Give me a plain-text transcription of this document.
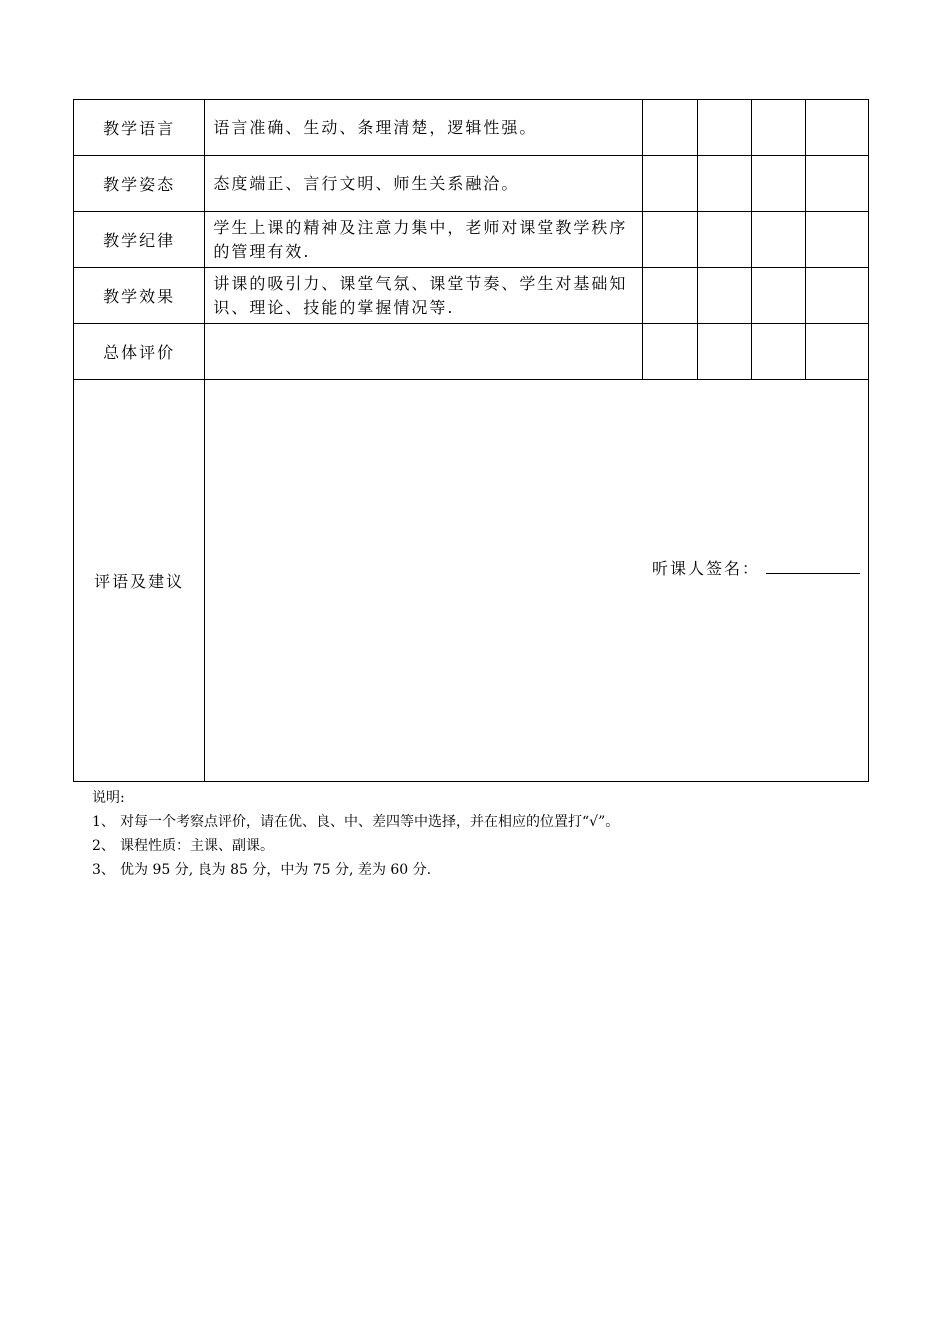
教学语言	语言准确、生动、条理清楚，逻辑性强。				
教学姿态	态度端正、言行文明、师生关系融洽。				
教学纪律	学生上课的精神及注意力集中，老师对课堂教学秩序的管理有效.				
教学效果	讲课的吸引力、课堂气氛、课堂节奏、学生对基础知识、理论、技能的掌握情况等.				
总体评价					
评语及建议	听课人签名：				
说明:
1、 对每一个考察点评价，请在优、良、中、差四等中选择，并在相应的位置打“√”。
2、 课程性质：主课、副课。
3、 优为 95 分, 良为 85 分，中为 75 分, 差为 60 分.
